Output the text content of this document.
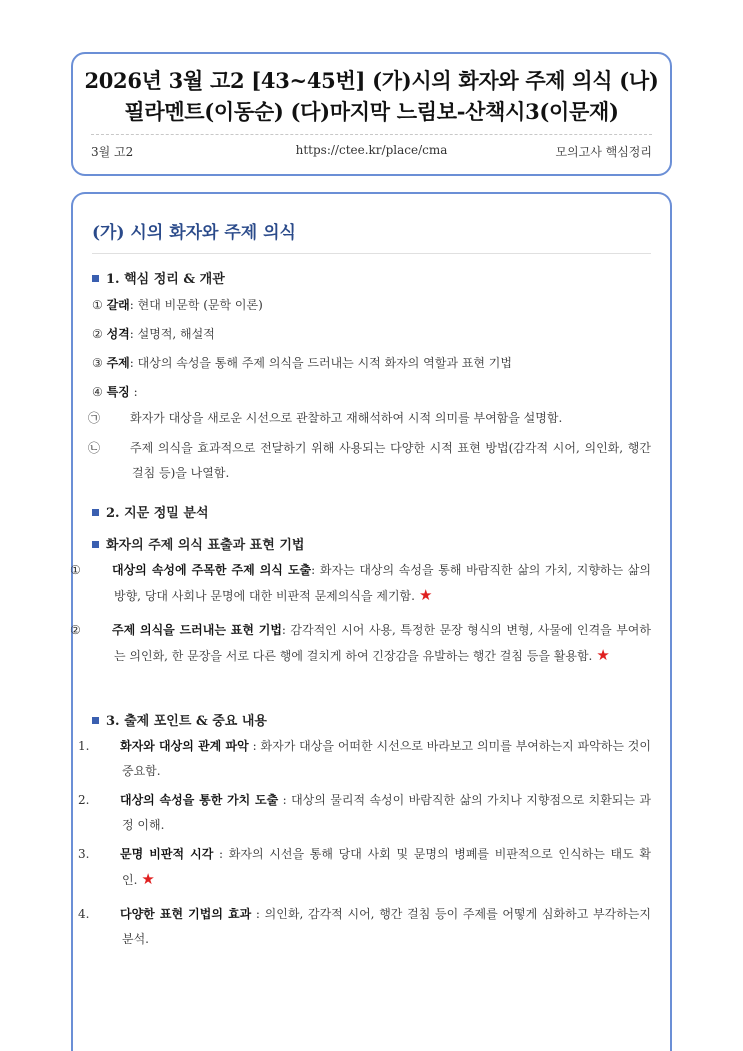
2026년 3월 고2 [43~45번] (가)시의 화자와 주제 의식 (나)
필라멘트(이동순) (다)마지막 느림보-산책시3(이문재)
3월 고2	https://ctee.kr/place/cma	모의고사 핵심정리
(가) 시의 화자와 주제 의식
1. 핵심 정리 & 개관
① 갈래: 현대 비문학 (문학 이론)
② 성격: 설명적, 해설적
③ 주제: 대상의 속성을 통해 주제 의식을 드러내는 시적 화자의 역할과 표현 기법
④ 특징 :
㉠ 화자가 대상을 새로운 시선으로 관찰하고 재해석하여 시적 의미를 부여함을 설명함.
㉡ 주제 의식을 효과적으로 전달하기 위해 사용되는 다양한 시적 표현 방법(감각적 시어, 의인화, 행간 걸침 등)을 나열함.
2. 지문 정밀 분석
화자의 주제 의식 표출과 표현 기법
①	대상의 속성에 주목한 주제 의식 도출: 화자는 대상의 속성을 통해 바람직한 삶의 가치, 지향하는 삶의 방향, 당대 사회나 문명에 대한 비판적 문제의식을 제기함. ★
②	주제 의식을 드러내는 표현 기법: 감각적인 시어 사용, 특정한 문장 형식의 변형, 사물에 인격을 부여하는 의인화, 한 문장을 서로 다른 행에 걸치게 하여 긴장감을 유발하는 행간 걸침 등을 활용함. ★
3. 출제 포인트 & 중요 내용
1.	화자와 대상의 관계 파악 : 화자가 대상을 어떠한 시선으로 바라보고 의미를 부여하는지 파악하는 것이 중요함.
2.	대상의 속성을 통한 가치 도출 : 대상의 물리적 속성이 바람직한 삶의 가치나 지향점으로 치환되는 과정 이해.
3.	문명 비판적 시각 : 화자의 시선을 통해 당대 사회 및 문명의 병폐를 비판적으로 인식하는 태도 확인. ★
4.	다양한 표현 기법의 효과 : 의인화, 감각적 시어, 행간 걸침 등이 주제를 어떻게 심화하고 부각하는지 분석.
